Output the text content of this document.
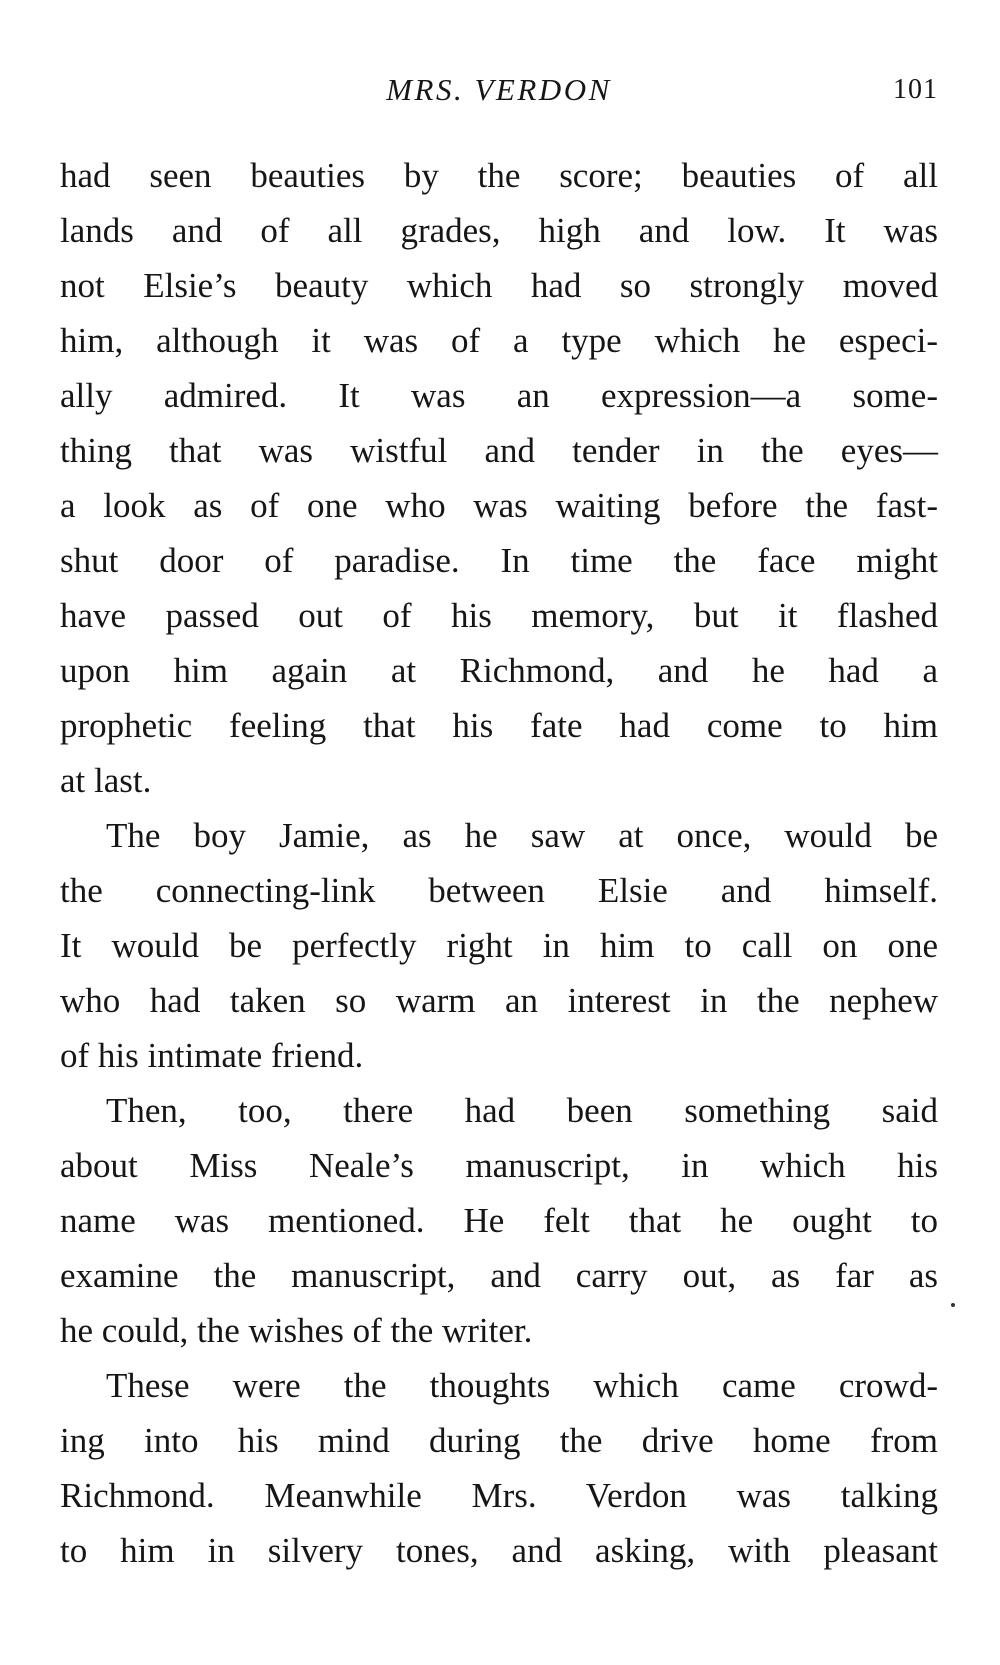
MRS. VERDON	101
had seen beauties by the score; beauties of all
lands and of all grades, high and low. It was
not Elsie’s beauty which had so strongly moved
him, although it was of a type which he especi-
ally admired. It was an expression—a some-
thing that was wistful and tender in the eyes—
a look as of one who was waiting before the fast-
shut door of paradise. In time the face might
have passed out of his memory, but it flashed
upon him again at Richmond, and he had a
prophetic feeling that his fate had come to him
at last.
The boy Jamie, as he saw at once, would be
the connecting-link between Elsie and himself.
It would be perfectly right in him to call on one
who had taken so warm an interest in the nephew
of his intimate friend.
Then, too, there had been something said
about Miss Neale’s manuscript, in which his
name was mentioned. He felt that he ought to
examine the manuscript, and carry out, as far as
he could, the wishes of the writer.
These were the thoughts which came crowd-
ing into his mind during the drive home from
Richmond. Meanwhile Mrs. Verdon was talking
to him in silvery tones, and asking, with pleasant
